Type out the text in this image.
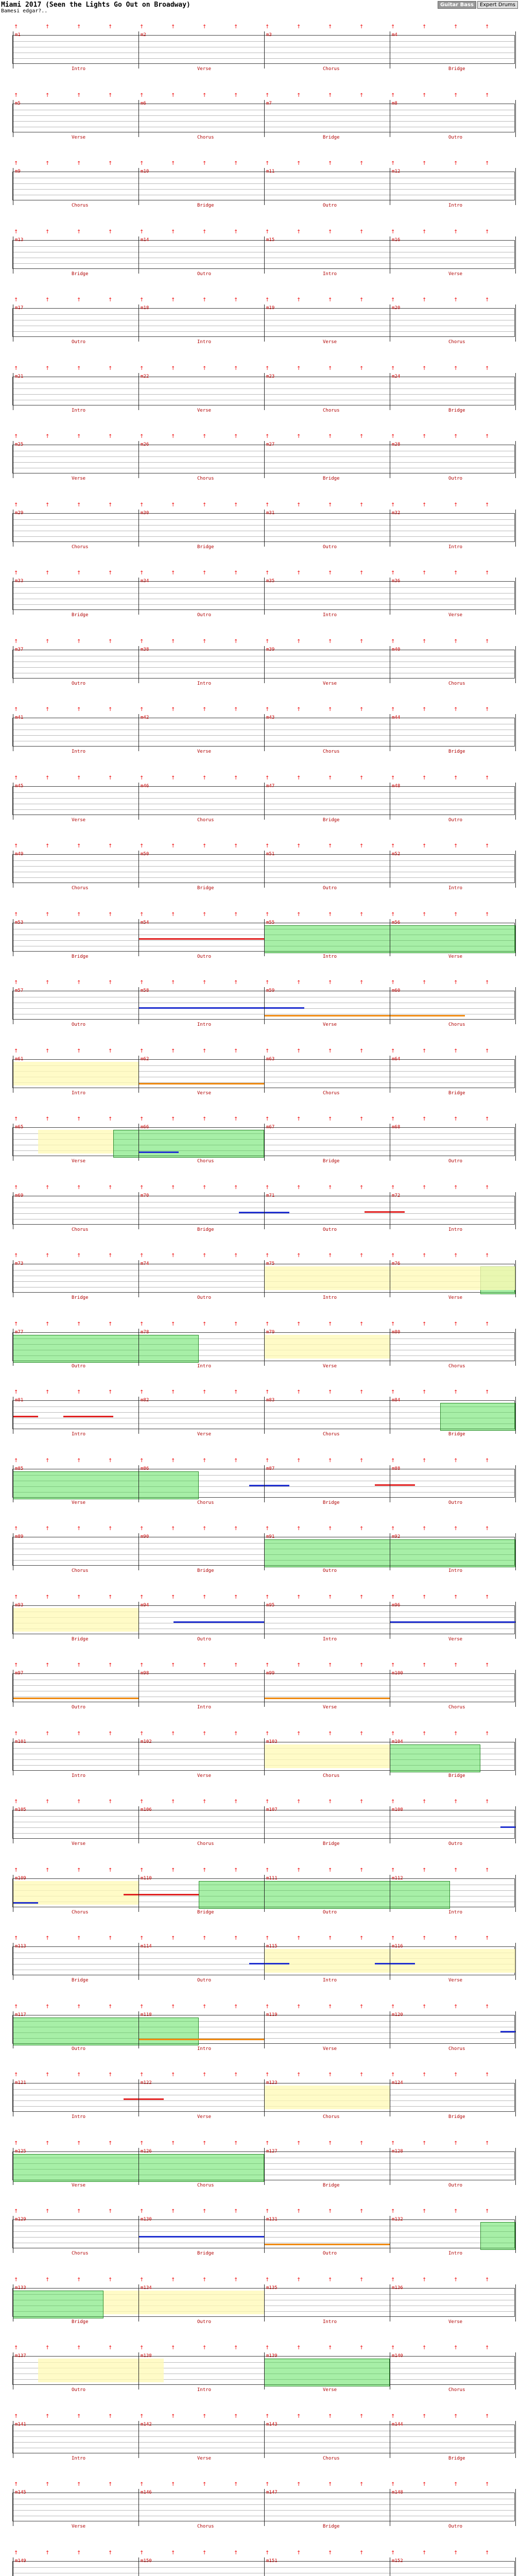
Miami 2017 (Seen the Lights Go Out on Broadway)
Bamesi edgar?..
Guitar Bass	Expert Drums
↑	↑	↑	↑
m1
Intro
↑	↑	↑	↑
m2
Verse
↑	↑	↑	↑
m3
Chorus
↑	↑	↑	↑
m4
Bridge
↑	↑	↑	↑
m5
Verse
↑	↑	↑	↑
m6
Chorus
↑	↑	↑	↑
m7
Bridge
↑	↑	↑	↑
m8
Outro
↑	↑	↑	↑
m9
Chorus
↑	↑	↑	↑
m10
Bridge
↑	↑	↑	↑
m11
Outro
↑	↑	↑	↑
m12
Intro
↑	↑	↑	↑
m13
Bridge
↑	↑	↑	↑
m14
Outro
↑	↑	↑	↑
m15
Intro
↑	↑	↑	↑
m16
Verse
↑	↑	↑	↑
m17
Outro
↑	↑	↑	↑
m18
Intro
↑	↑	↑	↑
m19
Verse
↑	↑	↑	↑
m20
Chorus
↑	↑	↑	↑
m21
Intro
↑	↑	↑	↑
m22
Verse
↑	↑	↑	↑
m23
Chorus
↑	↑	↑	↑
m24
Bridge
↑	↑	↑	↑
m25
Verse
↑	↑	↑	↑
m26
Chorus
↑	↑	↑	↑
m27
Bridge
↑	↑	↑	↑
m28
Outro
↑	↑	↑	↑
m29
Chorus
↑	↑	↑	↑
m30
Bridge
↑	↑	↑	↑
m31
Outro
↑	↑	↑	↑
m32
Intro
↑	↑	↑	↑
m33
Bridge
↑	↑	↑	↑
m34
Outro
↑	↑	↑	↑
m35
Intro
↑	↑	↑	↑
m36
Verse
↑	↑	↑	↑
m37
Outro
↑	↑	↑	↑
m38
Intro
↑	↑	↑	↑
m39
Verse
↑	↑	↑	↑
m40
Chorus
↑	↑	↑	↑
m41
Intro
↑	↑	↑	↑
m42
Verse
↑	↑	↑	↑
m43
Chorus
↑	↑	↑	↑
m44
Bridge
↑	↑	↑	↑
m45
Verse
↑	↑	↑	↑
m46
Chorus
↑	↑	↑	↑
m47
Bridge
↑	↑	↑	↑
m48
Outro
↑	↑	↑	↑
m49
Chorus
↑	↑	↑	↑
m50
Bridge
↑	↑	↑	↑
m51
Outro
↑	↑	↑	↑
m52
Intro
↑	↑	↑	↑
m53
Bridge
↑	↑	↑	↑
m54
Outro
↑	↑	↑	↑
m55
Intro
↑	↑	↑	↑
m56
Verse
↑	↑	↑	↑
m57
Outro
↑	↑	↑	↑
m58
Intro
↑	↑	↑	↑
m59
Verse
↑	↑	↑	↑
m60
Chorus
↑	↑	↑	↑
m61
Intro
↑	↑	↑	↑
m62
Verse
↑	↑	↑	↑
m63
Chorus
↑	↑	↑	↑
m64
Bridge
↑	↑	↑	↑
m65
Verse
↑	↑	↑	↑
m66
Chorus
↑	↑	↑	↑
m67
Bridge
↑	↑	↑	↑
m68
Outro
↑	↑	↑	↑
m69
Chorus
↑	↑	↑	↑
m70
Bridge
↑	↑	↑	↑
m71
Outro
↑	↑	↑	↑
m72
Intro
↑	↑	↑	↑
m73
Bridge
↑	↑	↑	↑
m74
Outro
↑	↑	↑	↑
m75
Intro
↑	↑	↑	↑
m76
Verse
↑	↑	↑	↑
m77
Outro
↑	↑	↑	↑
m78
Intro
↑	↑	↑	↑
m79
Verse
↑	↑	↑	↑
m80
Chorus
↑	↑	↑	↑
m81
Intro
↑	↑	↑	↑
m82
Verse
↑	↑	↑	↑
m83
Chorus
↑	↑	↑	↑
m84
Bridge
↑	↑	↑	↑
m85
Verse
↑	↑	↑	↑
m86
Chorus
↑	↑	↑	↑
m87
Bridge
↑	↑	↑	↑
m88
Outro
↑	↑	↑	↑
m89
Chorus
↑	↑	↑	↑
m90
Bridge
↑	↑	↑	↑
m91
Outro
↑	↑	↑	↑
m92
Intro
↑	↑	↑	↑
m93
Bridge
↑	↑	↑	↑
m94
Outro
↑	↑	↑	↑
m95
Intro
↑	↑	↑	↑
m96
Verse
↑	↑	↑	↑
m97
Outro
↑	↑	↑	↑
m98
Intro
↑	↑	↑	↑
m99
Verse
↑	↑	↑	↑
m100
Chorus
↑	↑	↑	↑
m101
Intro
↑	↑	↑	↑
m102
Verse
↑	↑	↑	↑
m103
Chorus
↑	↑	↑	↑
m104
Bridge
↑	↑	↑	↑
m105
Verse
↑	↑	↑	↑
m106
Chorus
↑	↑	↑	↑
m107
Bridge
↑	↑	↑	↑
m108
Outro
↑	↑	↑	↑
m109
Chorus
↑	↑	↑	↑
m110
Bridge
↑	↑	↑	↑
m111
Outro
↑	↑	↑	↑
m112
Intro
↑	↑	↑	↑
m113
Bridge
↑	↑	↑	↑
m114
Outro
↑	↑	↑	↑
m115
Intro
↑	↑	↑	↑
m116
Verse
↑	↑	↑	↑
m117
Outro
↑	↑	↑	↑
m118
Intro
↑	↑	↑	↑
m119
Verse
↑	↑	↑	↑
m120
Chorus
↑	↑	↑	↑
m121
Intro
↑	↑	↑	↑
m122
Verse
↑	↑	↑	↑
m123
Chorus
↑	↑	↑	↑
m124
Bridge
↑	↑	↑	↑
m125
Verse
↑	↑	↑	↑
m126
Chorus
↑	↑	↑	↑
m127
Bridge
↑	↑	↑	↑
m128
Outro
↑	↑	↑	↑
m129
Chorus
↑	↑	↑	↑
m130
Bridge
↑	↑	↑	↑
m131
Outro
↑	↑	↑	↑
m132
Intro
↑	↑	↑	↑
m133
Bridge
↑	↑	↑	↑
m134
Outro
↑	↑	↑	↑
m135
Intro
↑	↑	↑	↑
m136
Verse
↑	↑	↑	↑
m137
Outro
↑	↑	↑	↑
m138
Intro
↑	↑	↑	↑
m139
Verse
↑	↑	↑	↑
m140
Chorus
↑	↑	↑	↑
m141
Intro
↑	↑	↑	↑
m142
Verse
↑	↑	↑	↑
m143
Chorus
↑	↑	↑	↑
m144
Bridge
↑	↑	↑	↑
m145
Verse
↑	↑	↑	↑
m146
Chorus
↑	↑	↑	↑
m147
Bridge
↑	↑	↑	↑
m148
Outro
↑	↑	↑	↑
m149
↑	↑	↑	↑
m150
↑	↑	↑	↑
m151
↑	↑	↑	↑
m152
